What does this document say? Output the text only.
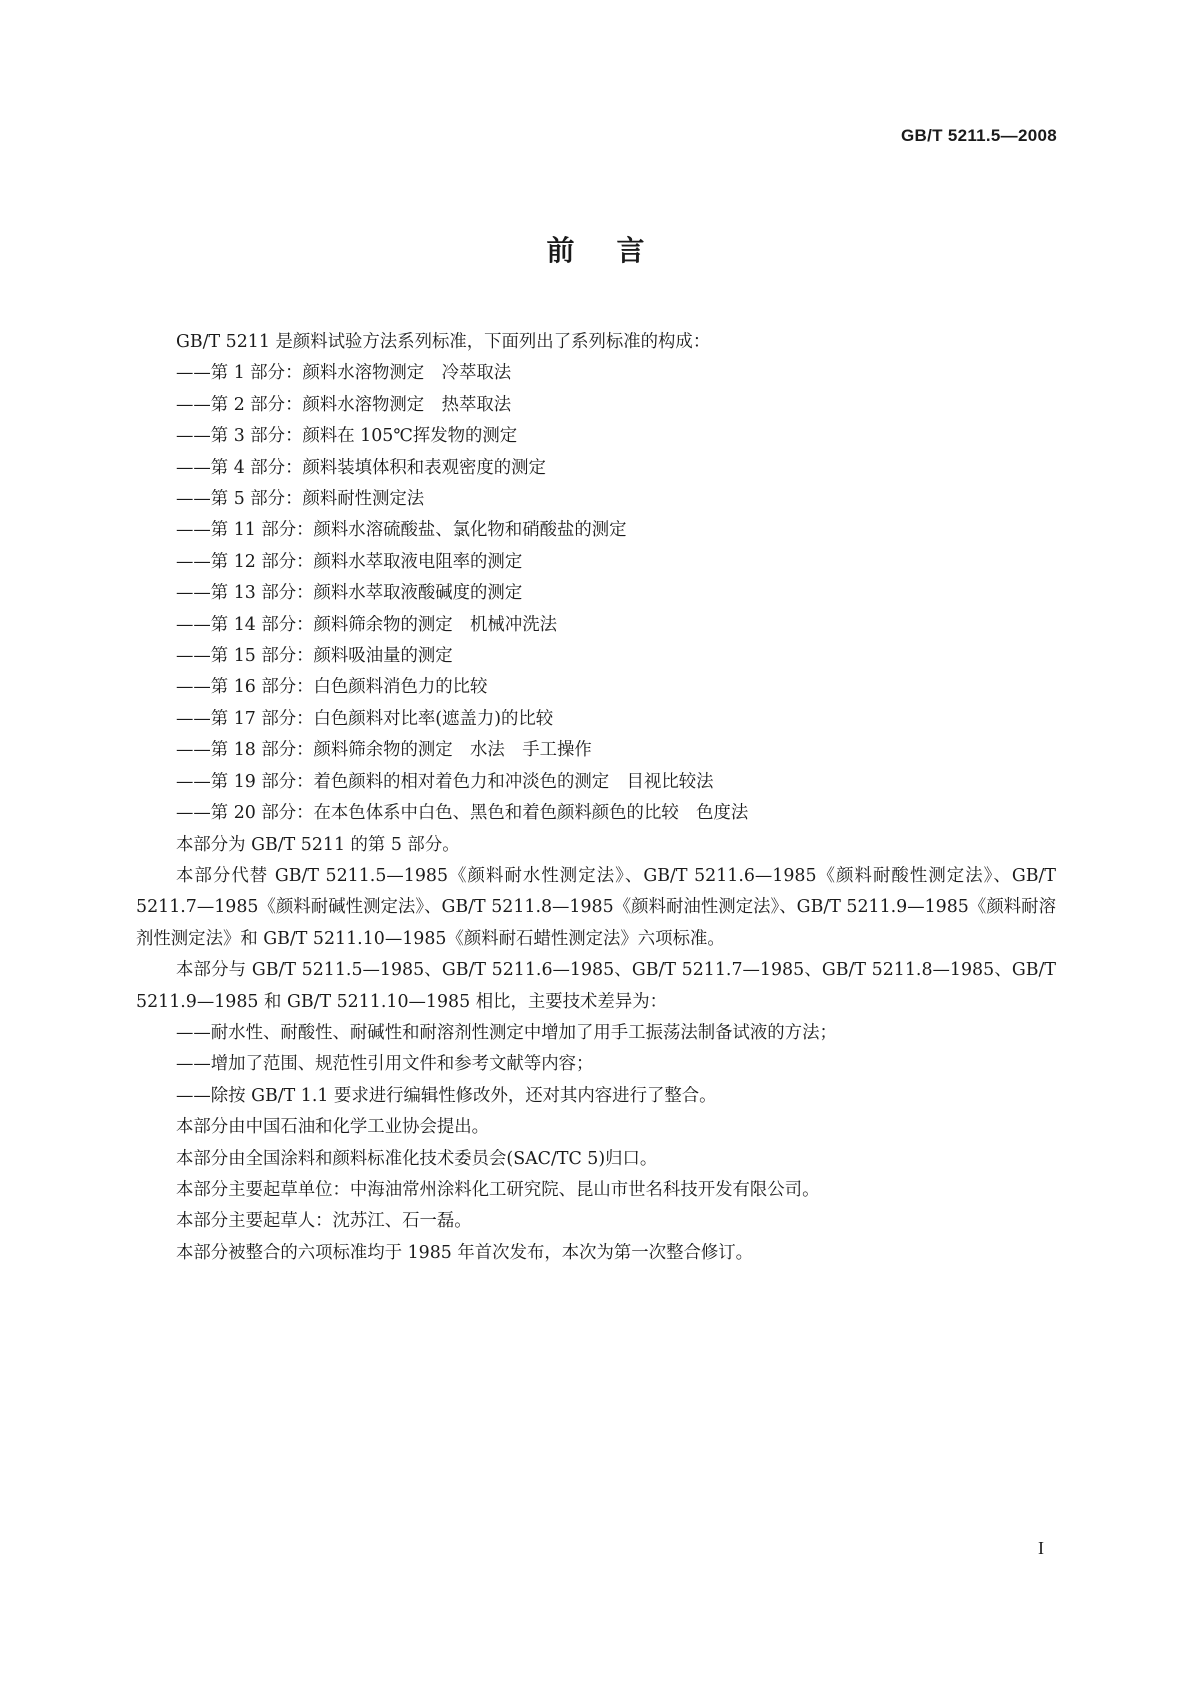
GB/T 5211.5—2008
前言

GB/T 5211 是颜料试验方法系列标准，下面列出了系列标准的构成：

——第 1 部分：颜料水溶物测定　冷萃取法
——第 2 部分：颜料水溶物测定　热萃取法
——第 3 部分：颜料在 105℃挥发物的测定
——第 4 部分：颜料装填体积和表观密度的测定
——第 5 部分：颜料耐性测定法
——第 11 部分：颜料水溶硫酸盐、氯化物和硝酸盐的测定
——第 12 部分：颜料水萃取液电阻率的测定
——第 13 部分：颜料水萃取液酸碱度的测定
——第 14 部分：颜料筛余物的测定　机械冲洗法
——第 15 部分：颜料吸油量的测定
——第 16 部分：白色颜料消色力的比较
——第 17 部分：白色颜料对比率(遮盖力)的比较
——第 18 部分：颜料筛余物的测定　水法　手工操作
——第 19 部分：着色颜料的相对着色力和冲淡色的测定　目视比较法
——第 20 部分：在本色体系中白色、黑色和着色颜料颜色的比较　色度法

本部分为 GB/T 5211 的第 5 部分。

本部分代替 GB/T 5211.5—1985《颜料耐水性测定法》、GB/T 5211.6—1985《颜料耐酸性测定法》、GB/T 5211.7—1985《颜料耐碱性测定法》、GB/T 5211.8—1985《颜料耐油性测定法》、GB/T 5211.9—1985《颜料耐溶剂性测定法》和 GB/T 5211.10—1985《颜料耐石蜡性测定法》六项标准。

本部分与 GB/T 5211.5—1985、GB/T 5211.6—1985、GB/T 5211.7—1985、GB/T 5211.8—1985、GB/T 5211.9—1985 和 GB/T 5211.10—1985 相比，主要技术差异为：

——耐水性、耐酸性、耐碱性和耐溶剂性测定中增加了用手工振荡法制备试液的方法；
——增加了范围、规范性引用文件和参考文献等内容；
——除按 GB/T 1.1 要求进行编辑性修改外，还对其内容进行了整合。

本部分由中国石油和化学工业协会提出。

本部分由全国涂料和颜料标准化技术委员会(SAC/TC 5)归口。

本部分主要起草单位：中海油常州涂料化工研究院、昆山市世名科技开发有限公司。

本部分主要起草人：沈苏江、石一磊。

本部分被整合的六项标准均于 1985 年首次发布，本次为第一次整合修订。

I
